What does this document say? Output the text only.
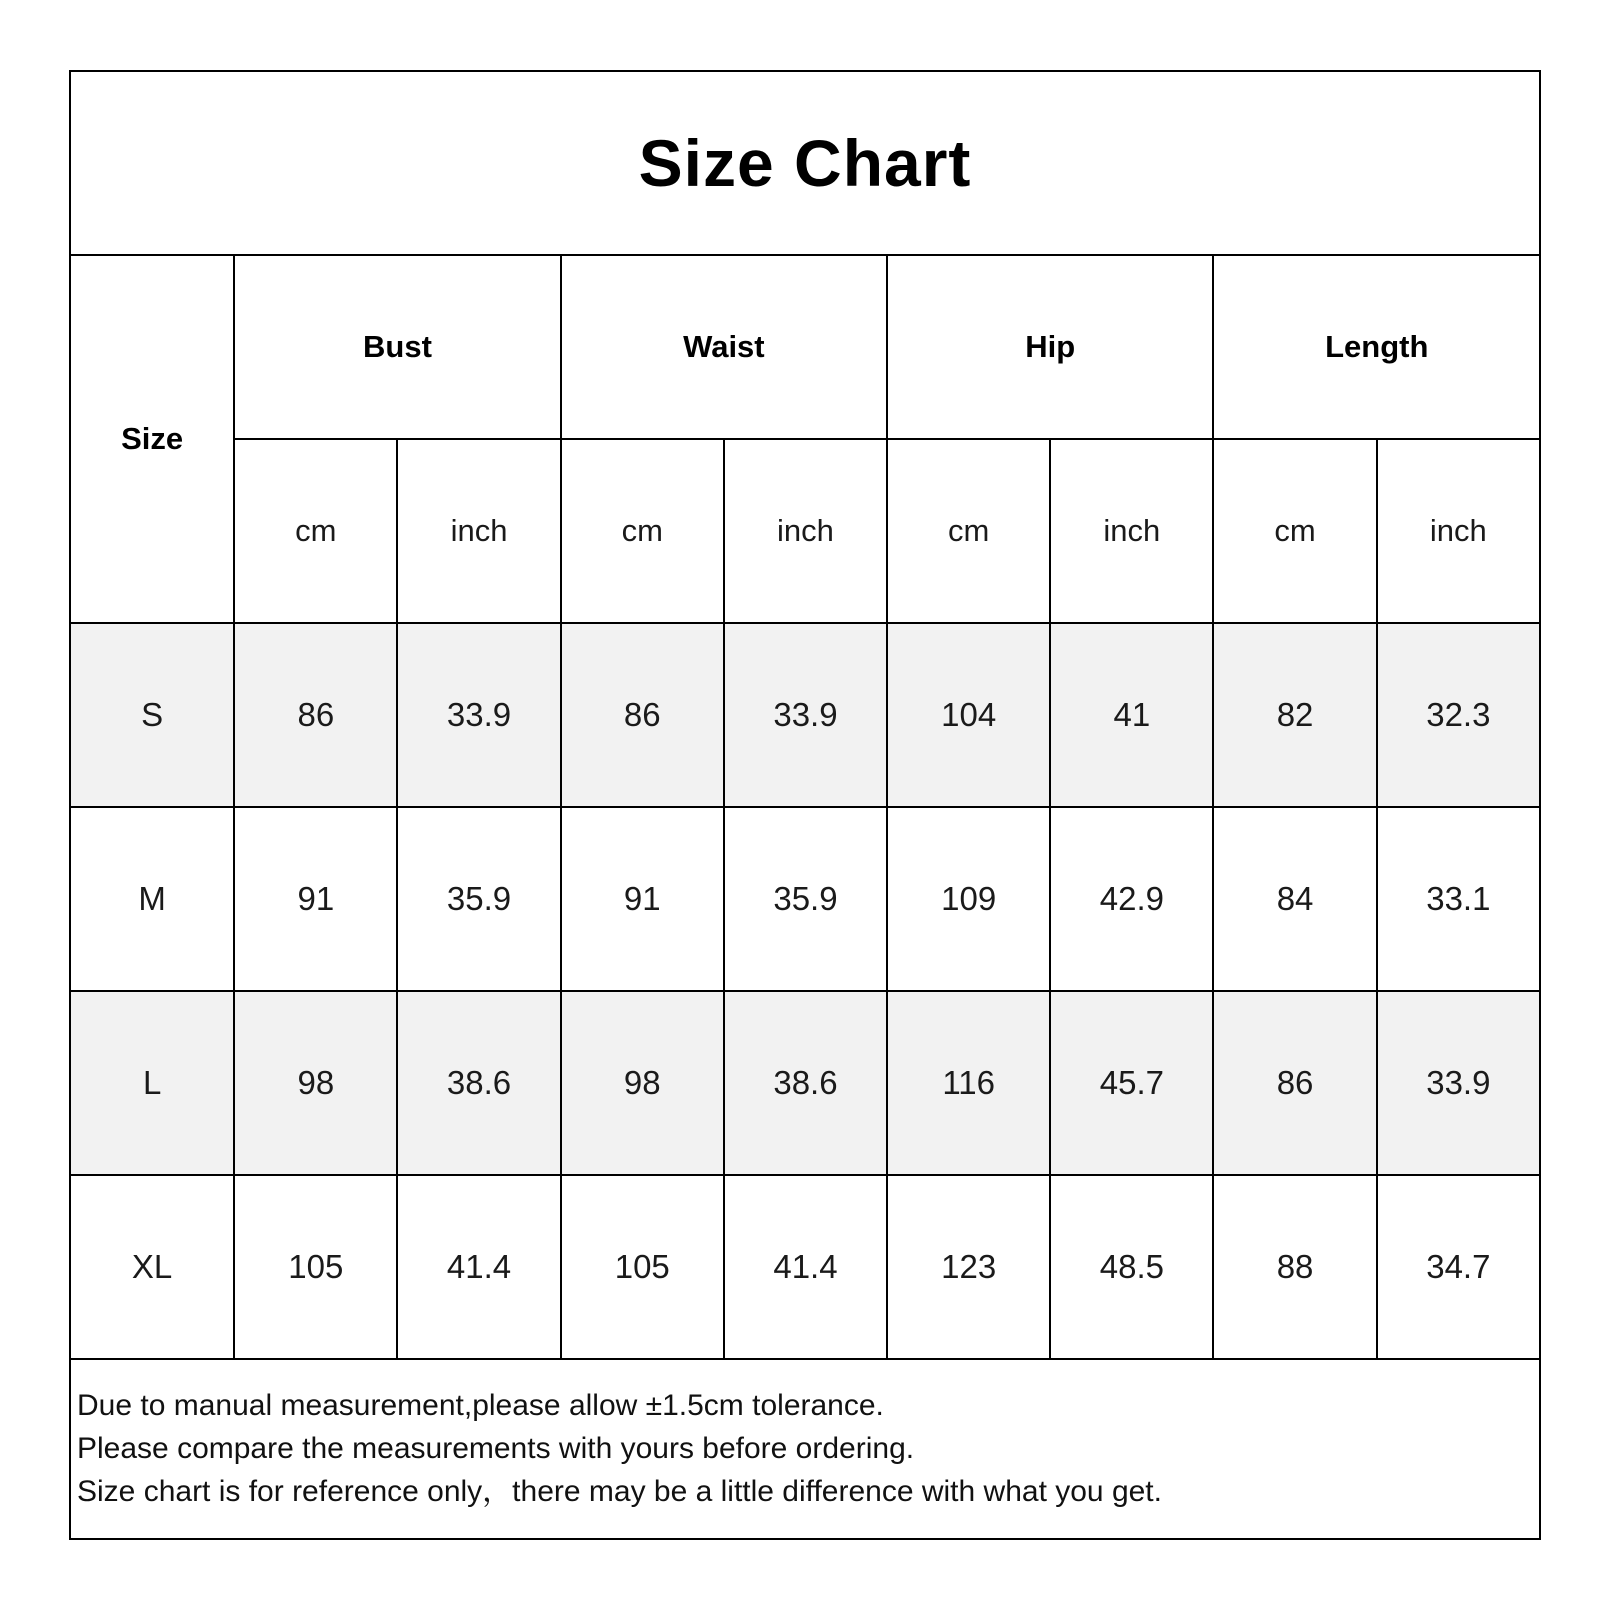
Size Chart
Size	Bust		Waist		Hip		Length	
	cm	inch	cm	inch	cm	inch	cm	inch
S	86	33.9	86	33.9	104	41	82	32.3
M	91	35.9	91	35.9	109	42.9	84	33.1
L	98	38.6	98	38.6	116	45.7	86	33.9
XL	105	41.4	105	41.4	123	48.5	88	34.7
Due to manual measurement,please allow ±1.5cm tolerance.
Please compare the measurements with yours before ordering.
Size chart is for reference only，there may be a little difference with what you get.
